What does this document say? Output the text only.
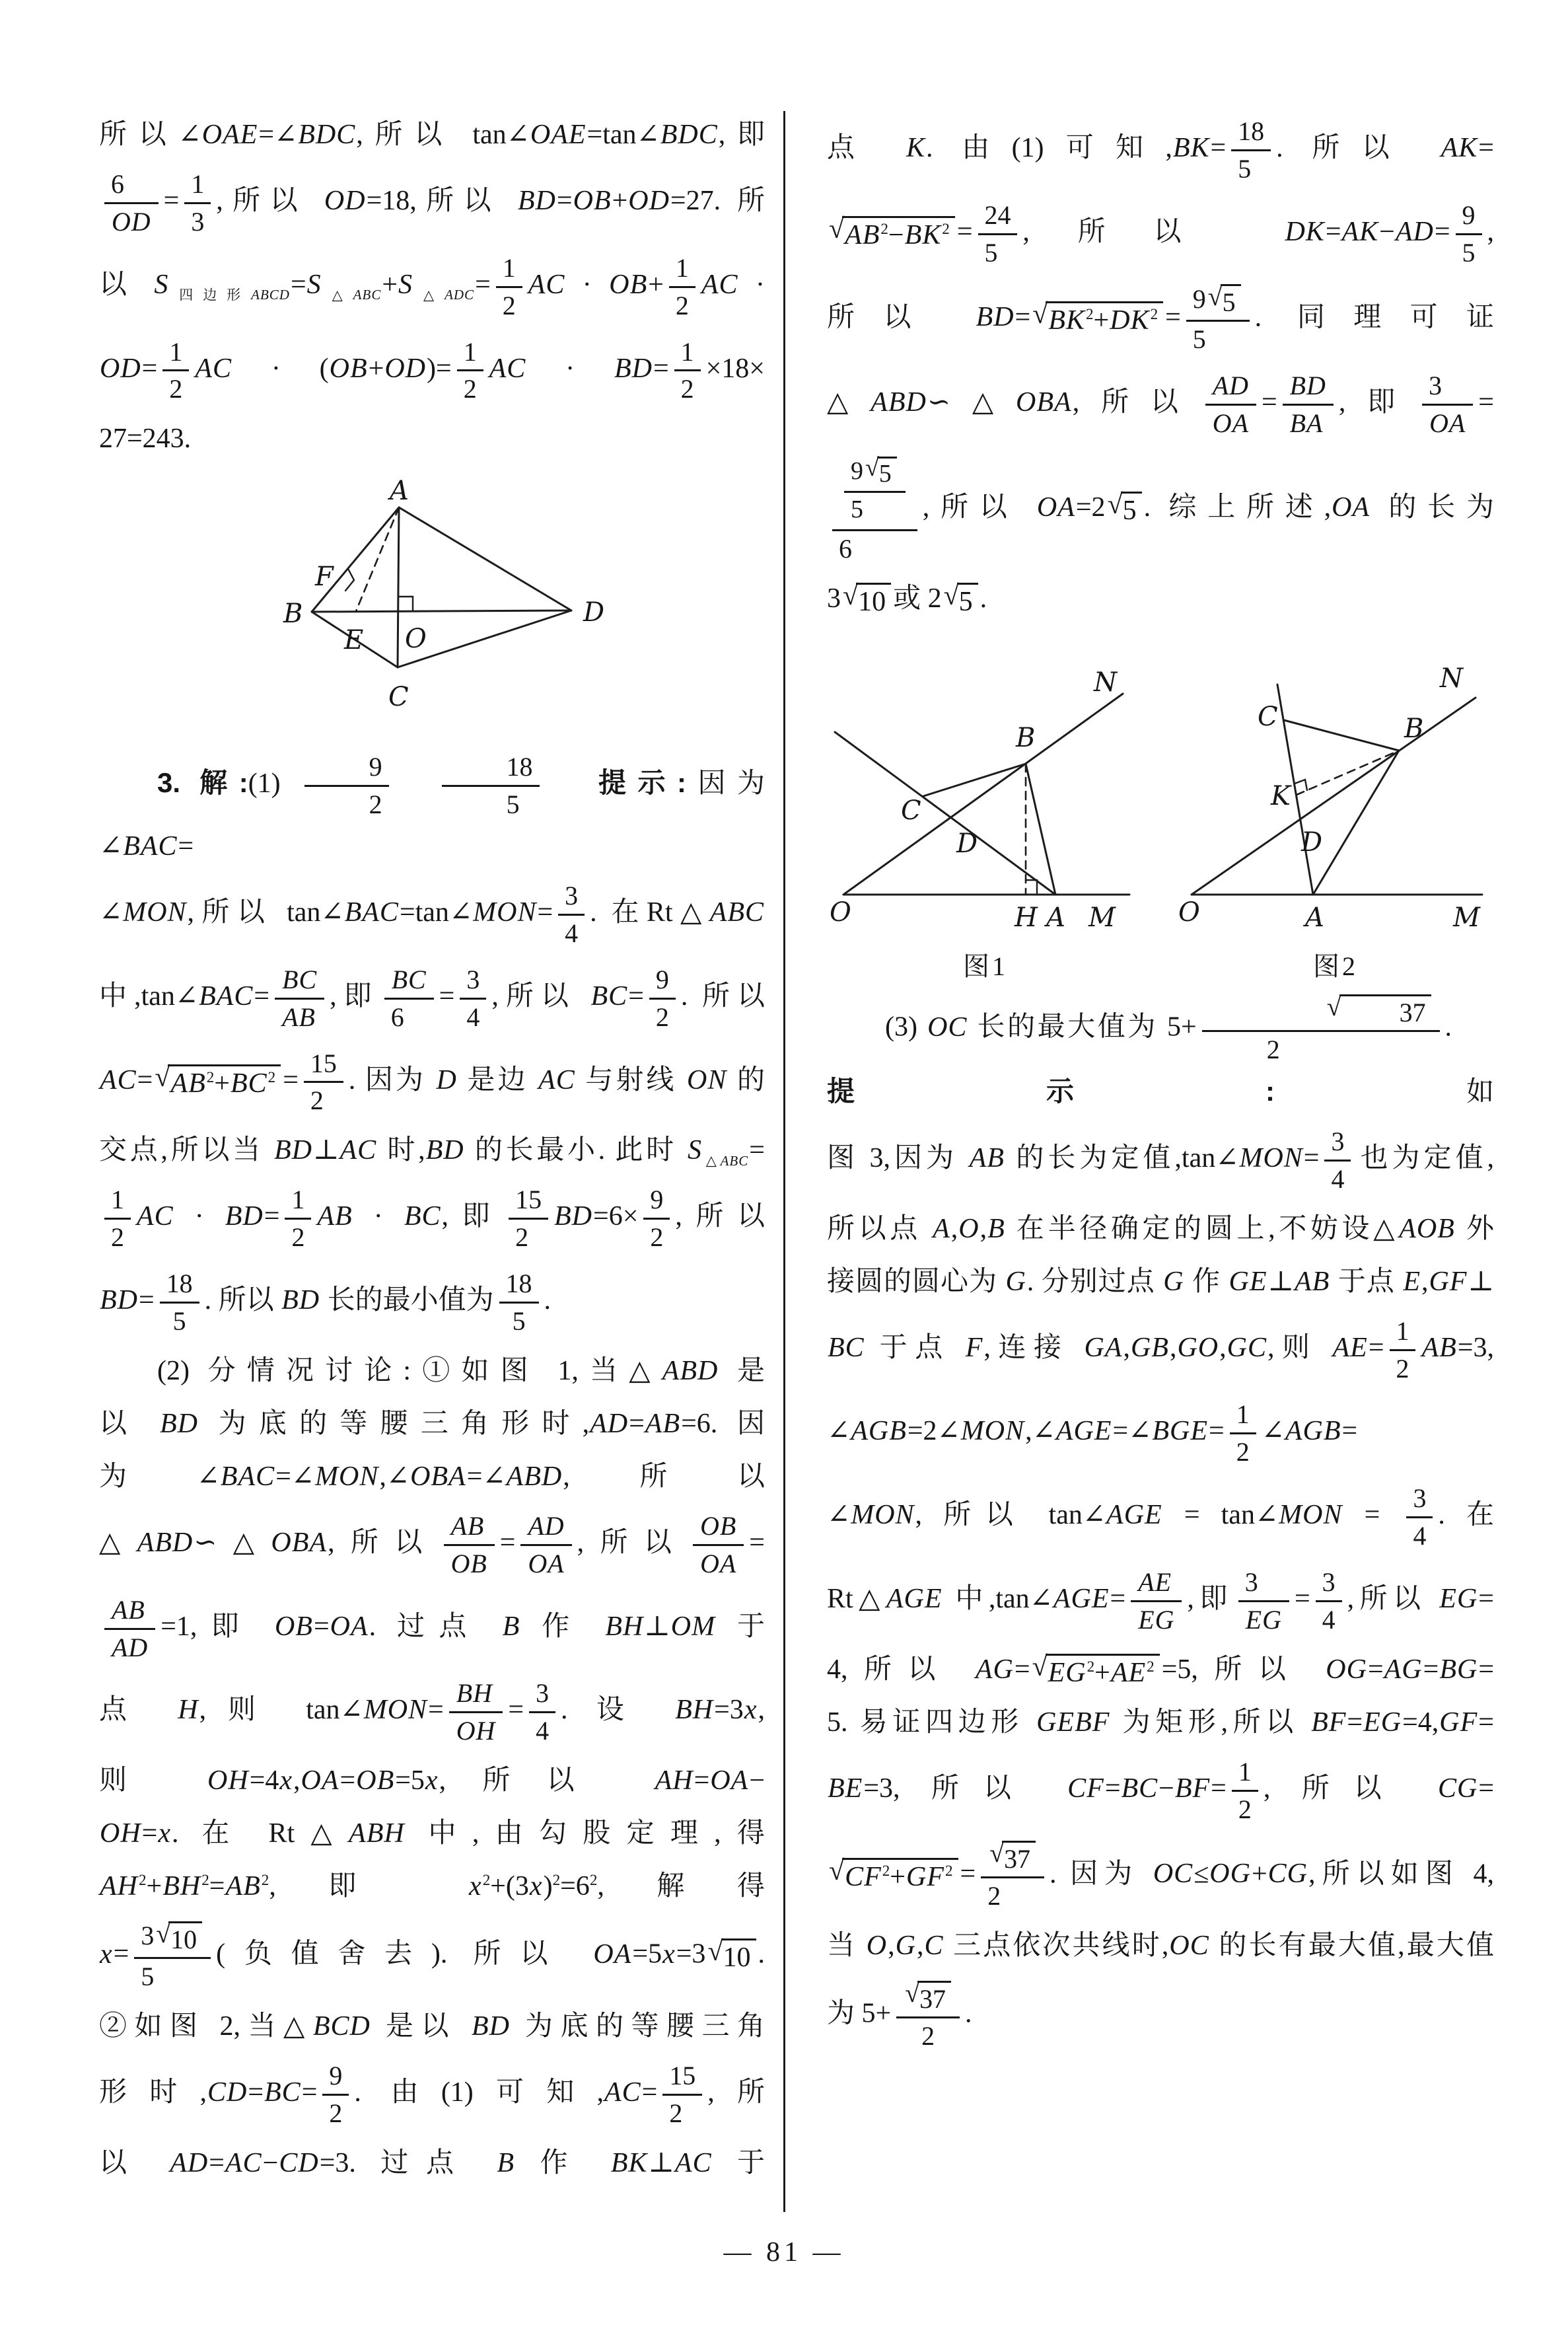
所以∠OAE=∠BDC,所以 tan∠OAE=tan∠BDC,即
$\frac{6}{OD} = \frac{1}{3}$ ,所以 OD=18,所以 BD=OB+OD=27. 所
以 $S_{四边形ABCD}=S_{\triangle ABC}+S_{\triangle ADC}= \frac{1}{2}$ AC · $OB+ \frac{1}{2}$ AC ·
$OD= \frac{1}{2}$ AC · $(OB+OD)= \frac{1}{2}$ AC · $BD= \frac{1}{2} \times 18\times$
27=243.
A
F
B
E O
D
C
3. 解:(1) $\frac{9}{2} \frac{18}{5}$ 提示:因为∠BAC=
∠MON,所以 tan∠BAC=tan∠MON= $\frac{3}{4}$ . 在Rt△ABC
中,tan∠BAC= $\frac{BC}{AB}$ ,即 $\frac{BC}{6} = \frac{3}{4}$ ,所以 $BC= \frac{9}{2}$ . 所以
AC= √ $AB^2+BC^2 = \frac{15}{2}$ . 因为 D 是边 AC 与射线 ON 的
交点,所以当 BD⊥AC 时,BD 的长最小. 此时 $S_{\triangle ABC}=$
$\frac{1}{2}$ AC · $BD= \frac{1}{2}$ AB · BC,即 $\frac{15}{2} BD=6\times \frac{9}{2}$ ,所以
$BD= \frac{18}{5}$ . 所以 BD 长的最小值为 $\frac{18}{5}$ .
(2) 分情况讨论:①如图 1,当△ABD 是
以 BD 为底的等腰三角形时,AD=AB=6. 因
为∠BAC=∠MON,∠OBA=∠ABD,所以
△ABD∽△OBA,所以 $\frac{AB}{OB} = \frac{AD}{OA}$ ,所以 $\frac{OB}{OA}$ =
$\frac{AB}{AD} =1$,即 OB=OA. 过点 B 作 BH⊥OM 于
点 H,则 tan∠MON= $\frac{BH}{OH} = \frac{3}{4}$ . 设 BH=3x,
则 OH=4x,OA=OB=5x,所以 AH=OA−
OH=x. 在 Rt△ABH 中,由勾股定理,得
$AH^2+BH^2=AB^2$,即 $x^2+(3x)^2=6^2$,解得
$x= \frac{3 √ 10}{5}$ (负值舍去). 所以 OA=5x=3 √ 10 .
②如图 2,当△BCD 是以 BD 为底的等腰三角
形时$,CD=BC= \frac{9}{2}$ . 由(1)可知$,AC= \frac{15}{2}$ ,所
以 AD=AC−CD=3. 过点 B 作 BK⊥AC 于
点 K. 由(1)可知$,BK= \frac{18}{5}$ . 所以 AK=
√ $AB^2-BK^2 = \frac{24}{5}$ ,所以 $DK=AK-AD= \frac{9}{5}$ ,
所以 BD= √ $BK^2+DK^2 = \frac{9 √ 5}{5}$ . 同理可证
△ABD∽△OBA,所以 $\frac{AD}{OA} = \frac{BD}{BA}$ ,即 $\frac{3}{OA}$ =
$\frac{\frac{9 √ 5}{5}}{6}$ ,所以 OA=2 √ 5 . 综上所述,OA 的长为
3 √ 10 或 2 √ 5 .
N
B
C
D
O	H A M
图1
N
C	B
K
D
O	A	M
图2
(3) OC 长的最大值为 5+ √	37
2 .提示:如
图 3,因为 AB 的长为定值,tan∠MON= $\frac{3}{4}$ 也为定值,
所以点 A,O,B 在半径确定的圆上,不妨设△AOB 外
接圆的圆心为 G. 分别过点 G 作 GE⊥AB 于点 E,GF⊥
BC 于点 F,连接 GA,GB,GO,GC,则 $AE= \frac{1}{2} AB=3$,
∠AGB=2∠MON,∠AGE=∠BGE= $\frac{1}{2}$ ∠AGB=
∠MON, 所以 tan∠AGE = tan∠MON = $\frac{3}{4}$ . 在
Rt△AGE 中,tan∠AGE= $\frac{AE}{EG}$ ,即 $\frac{3}{EG} = \frac{3}{4}$ ,所以 EG=
4,所以 AG= √ $EG^2+AE^2 =5$,所以 OG=AG=BG=
5. 易证四边形 GEBF 为矩形,所以 BF=EG=4,GF=
BE=3, 所以 $CF=BC-BF= \frac{1}{2}$ , 所以 CG=
√ $CF^2+GF^2 = \frac{√ 37}{2}$ . 因为 OC≤OG+CG,所以如图 4,
当 O,G,C 三点依次共线时,OC 的长有最大值,最大值
为 $5+ \frac{√ 37}{2}$ .
— 81 —
